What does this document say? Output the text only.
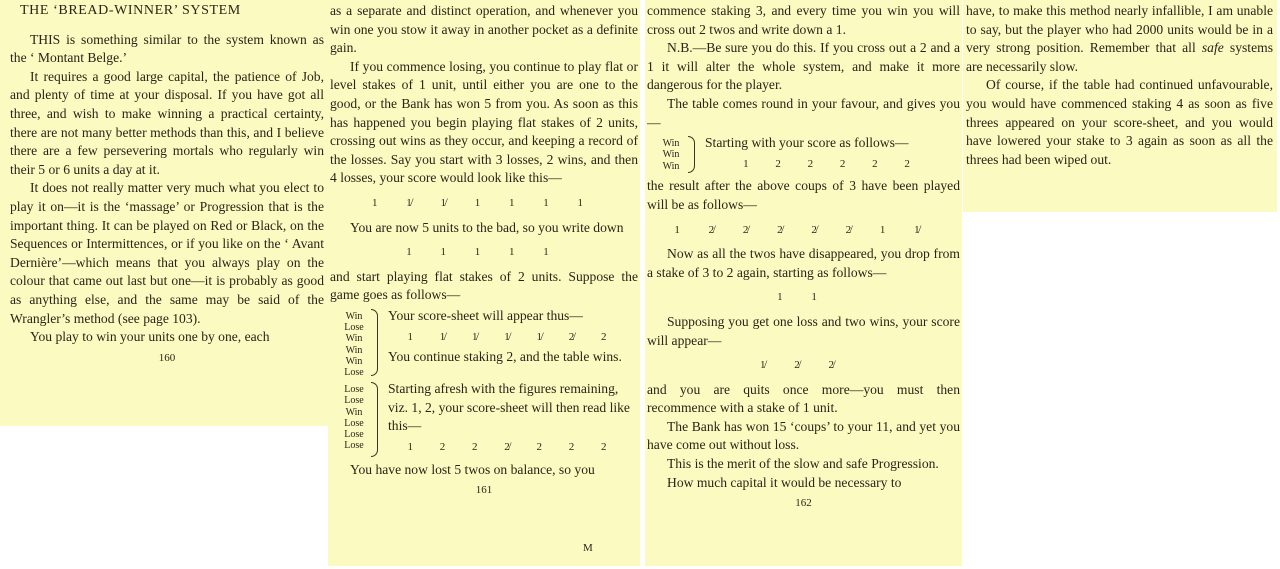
THE ‘BREAD-WINNER’ SYSTEM

THIS is something similar to the system known as the ‘ Montant Belge.’

It requires a good large capital, the patience of Job, and plenty of time at your disposal. If you have got all three, and wish to make winning a practical certainty, there are not many better methods than this, and I believe there are a few persevering mortals who regularly win their 5 or 6 units a day at it.

It does not really matter very much what you elect to play it on—it is the ‘massage’ or Progression that is the important thing. It can be played on Red or Black, on the Sequences or Intermittences, or if you like on the ‘ Avant Dernière’—which means that you always play on the colour that came out last but one—it is probably as good as anything else, and the same may be said of the Wrangler’s method (see page 103).

You play to win your units one by one, each

160

as a separate and distinct operation, and whenever you win one you stow it away in another pocket as a definite gain.

If you commence losing, you continue to play flat or level stakes of 1 unit, until either you are one to the good, or the Bank has won 5 from you. As soon as this has happened you begin playing flat stakes of 2 units, crossing out wins as they occur, and keeping a record of the losses. Say you start with 3 losses, 2 wins, and then 4 losses, your score would look like this—

1 1̸ 1̸ 1 1 1 1

You are now 5 units to the bad, so you write down

1 1 1 1 1

and start playing flat stakes of 2 units. Suppose the game goes as follows—

Win
Lose
Win
Win
Win
Lose
Your score-sheet will appear thus—
1 1̸ 1̸ 1̸ 1̸ 2̸ 2
You continue staking 2, and the table wins.
Lose
Lose
Win
Lose
Lose
Lose
Starting afresh with the figures remaining, viz. 1, 2, your score-sheet will then read like this—
1 2 2 2̸ 2 2 2

You have now lost 5 twos on balance, so you

161
M

commence staking 3, and every time you win you will cross out 2 twos and write down a 1.

N.B.—Be sure you do this. If you cross out a 2 and a 1 it will alter the whole system, and make it more dangerous for the player.

The table comes round in your favour, and gives you—

Win
Win
Win
Starting with your score as follows—
1 2 2 2 2 2

the result after the above coups of 3 have been played will be as follows—

1 2̸ 2̸ 2̸ 2̸ 2̸ 1 1̸

Now as all the twos have disappeared, you drop from a stake of 3 to 2 again, starting as follows—

1 1

Supposing you get one loss and two wins, your score will appear—

1̸ 2̸ 2̸

and you are quits once more—you must then recommence with a stake of 1 unit.

The Bank has won 15 ‘coups’ to your 11, and yet you have come out without loss.

This is the merit of the slow and safe Progression.

How much capital it would be necessary to

162

have, to make this method nearly infallible, I am unable to say, but the player who had 2000 units would be in a very strong position. Remember that all safe systems are necessarily slow.

Of course, if the table had continued unfavourable, you would have commenced staking 4 as soon as five threes appeared on your score-sheet, and you would have lowered your stake to 3 again as soon as all the threes had been wiped out.
